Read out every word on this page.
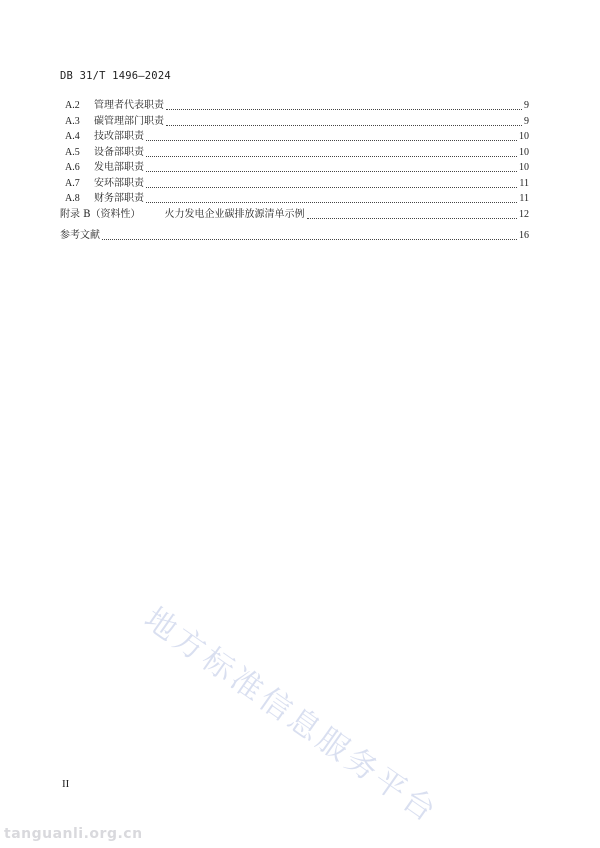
DB 31/T 1496—2024
A.2	管理者代表职责	9
A.3	碳管理部门职责	9
A.4	技改部职责	10
A.5	设备部职责	10
A.6	发电部职责	10
A.7	安环部职责	11
A.8	财务部职责	11
附录 B（资料性） 火力发电企业碳排放源清单示例	12
参考文献	16
地方标准信息服务平台
II
tanguanli.org.cn
